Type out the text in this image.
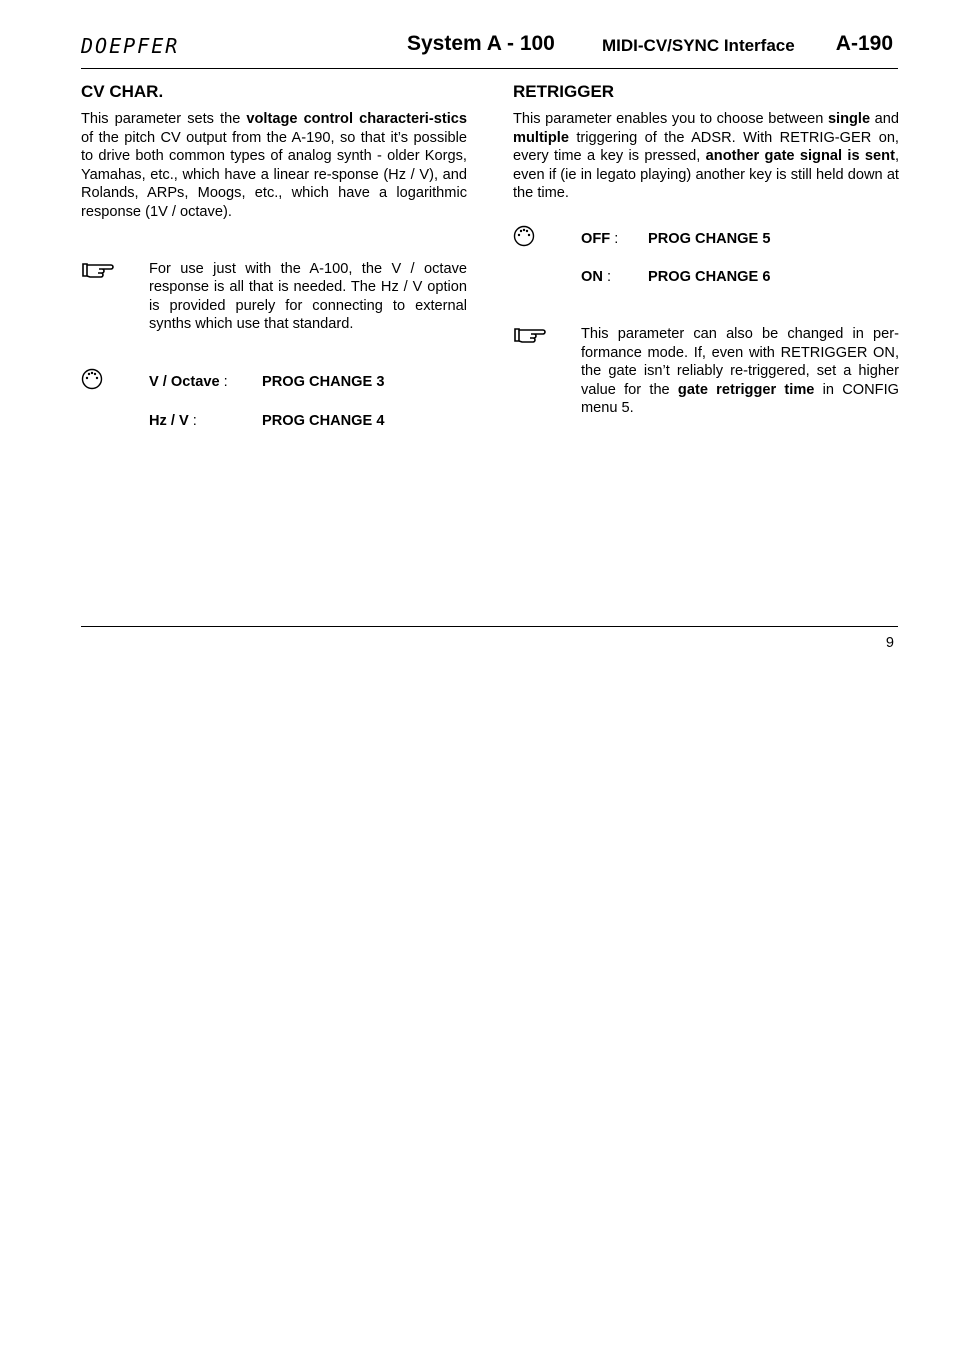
DOEPFER	System A - 100	MIDI-CV/SYNC Interface A-190
CV CHAR.

This parameter sets the voltage control characteri-stics of the pitch CV output from the A-190, so that it’s possible to drive both common types of analog synth - older Korgs, Yamahas, etc., which have a linear re-sponse (Hz / V), and Rolands, ARPs, Moogs, etc., which have a logarithmic response (1V / octave).

For use just with the A-100, the V / octave response is all that is needed. The Hz / V option is provided purely for connecting to external synths which use that standard.

V / Octave : PROG CHANGE 3
Hz / V :	PROG CHANGE 4
RETRIGGER

This parameter enables you to choose between single and multiple triggering of the ADSR. With RETRIG-GER on, every time a key is pressed, another gate signal is sent, even if (ie in legato playing) another key is still held down at the time.

OFF : PROG CHANGE 5
ON :	PROG CHANGE 6

This parameter can also be changed in per-formance mode. If, even with RETRIGGER ON, the gate isn’t reliably re-triggered, set a higher value for the gate retrigger time in CONFIG menu 5.

9
